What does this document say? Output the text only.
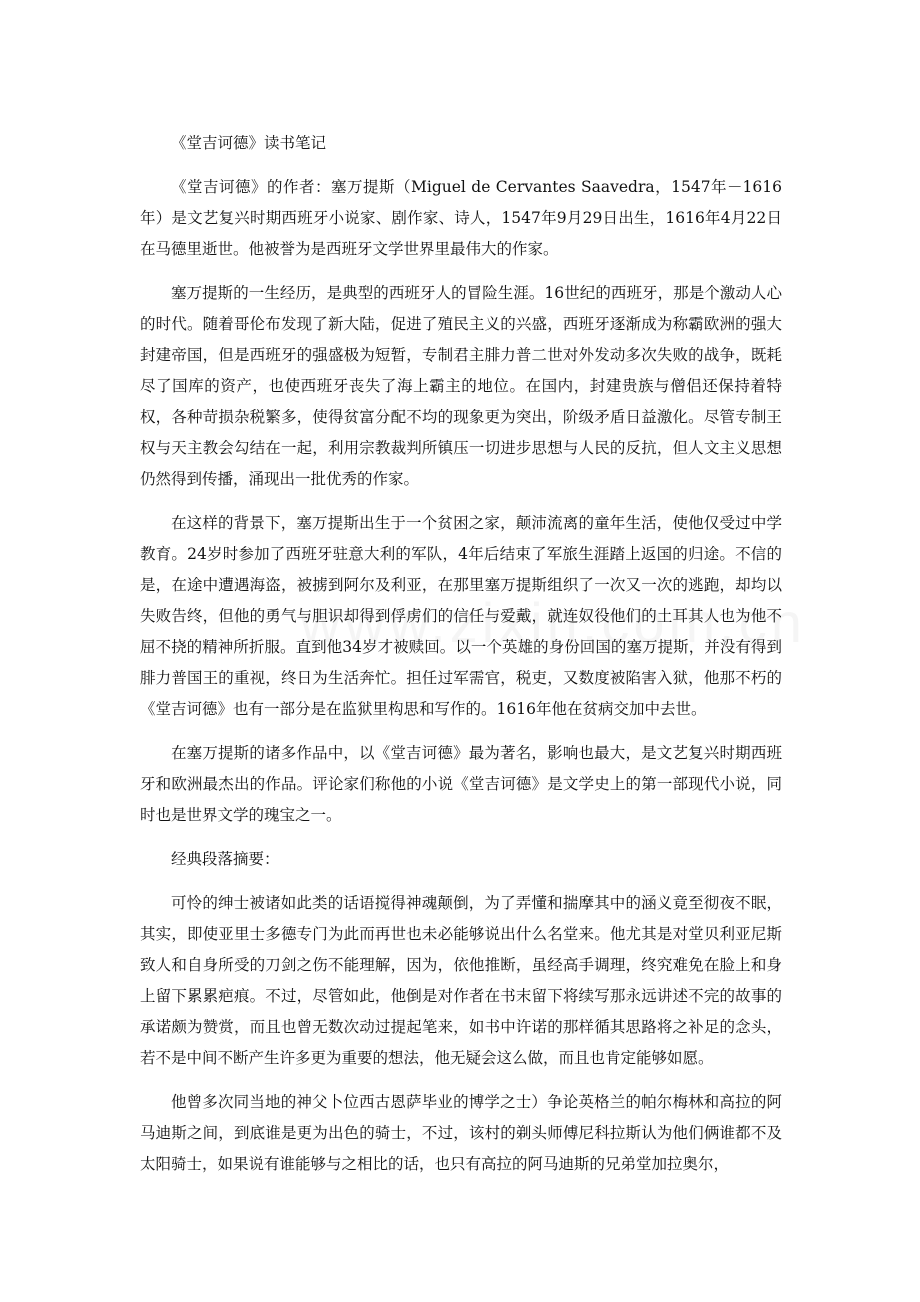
《堂吉诃德》读书笔记

《堂吉诃德》的作者：塞万提斯（Miguel de Cervantes Saavedra，1547年－1616年）是文艺复兴时期西班牙小说家、剧作家、诗人，1547年9月29日出生，1616年4月22日在马德里逝世。他被誉为是西班牙文学世界里最伟大的作家。

塞万提斯的一生经历，是典型的西班牙人的冒险生涯。16世纪的西班牙，那是个激动人心的时代。随着哥伦布发现了新大陆，促进了殖民主义的兴盛，西班牙逐渐成为称霸欧洲的强大封建帝国，但是西班牙的强盛极为短暂，专制君主腓力普二世对外发动多次失败的战争，既耗尽了国库的资产，也使西班牙丧失了海上霸主的地位。在国内，封建贵族与僧侣还保持着特权，各种苛损杂税繁多，使得贫富分配不均的现象更为突出，阶级矛盾日益激化。尽管专制王权与天主教会勾结在一起，利用宗教裁判所镇压一切进步思想与人民的反抗，但人文主义思想仍然得到传播，涌现出一批优秀的作家。

在这样的背景下，塞万提斯出生于一个贫困之家，颠沛流离的童年生活，使他仅受过中学教育。24岁时参加了西班牙驻意大利的军队，4年后结束了军旅生涯踏上返国的归途。不信的是，在途中遭遇海盗，被掳到阿尔及利亚，在那里塞万提斯组织了一次又一次的逃跑，却均以失败告终，但他的勇气与胆识却得到俘虏们的信任与爱戴，就连奴役他们的土耳其人也为他不屈不挠的精神所折服。直到他34岁才被赎回。以一个英雄的身份回国的塞万提斯，并没有得到腓力普国王的重视，终日为生活奔忙。担任过军需官，税吏，又数度被陷害入狱，他那不朽的《堂吉诃德》也有一部分是在监狱里构思和写作的。1616年他在贫病交加中去世。

在塞万提斯的诸多作品中，以《堂吉诃德》最为著名，影响也最大，是文艺复兴时期西班牙和欧洲最杰出的作品。评论家们称他的小说《堂吉诃德》是文学史上的第一部现代小说，同时也是世界文学的瑰宝之一。

经典段落摘要：

可怜的绅士被诸如此类的话语搅得神魂颠倒，为了弄懂和揣摩其中的涵义竟至彻夜不眠，其实，即使亚里士多德专门为此而再世也未必能够说出什么名堂来。他尤其是对堂贝利亚尼斯致人和自身所受的刀剑之伤不能理解，因为，依他推断，虽经高手调理，终究难免在脸上和身上留下累累疤痕。不过，尽管如此，他倒是对作者在书末留下将续写那永远讲述不完的故事的承诺颇为赞赏，而且也曾无数次动过提起笔来，如书中许诺的那样循其思路将之补足的念头，若不是中间不断产生许多更为重要的想法，他无疑会这么做，而且也肯定能够如愿。

他曾多次同当地的神父卜位西古恩萨毕业的博学之士）争论英格兰的帕尔梅林和高拉的阿马迪斯之间，到底谁是更为出色的骑士，不过，该村的剃头师傅尼科拉斯认为他们俩谁都不及太阳骑士，如果说有谁能够与之相比的话，也只有高拉的阿马迪斯的兄弟堂加拉奥尔，
